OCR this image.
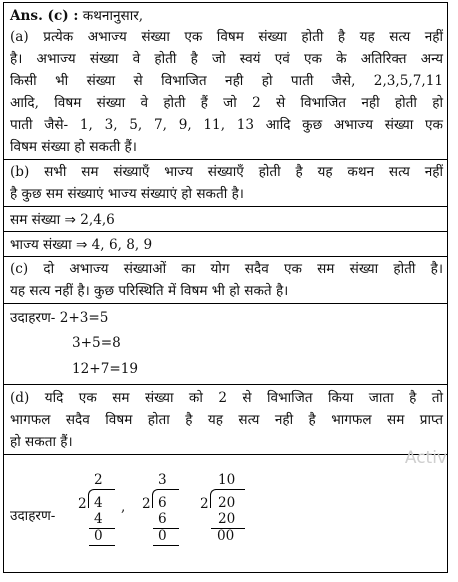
Ans. (c) : कथनानुसार,
(a) प्रत्येक अभाज्य संख्या एक विषम संख्या होती है यह सत्य नहीं
है। अभाज्य संख्या वे होती है जो स्वयं एवं एक के अतिरिक्त अन्य
किसी भी संख्या से विभाजित नही हो पाती जैसे, 2,3,5,7,11
आदि, विषम संख्या वे होती हैं जो 2 से विभाजित नही होती हो
पाती जैसे- 1, 3, 5, 7, 9, 11, 13 आदि कुछ अभाज्य संख्या एक
विषम संख्या हो सकती हैं।
(b) सभी सम संख्याएँ भाज्य संख्याएँ होती है यह कथन सत्य नहीं
है कुछ सम संख्याएं भाज्य संख्याएं हो सकती है।
सम संख्या ⇒ 2,4,6
भाज्य संख्या ⇒ 4, 6, 8, 9
(c) दो अभाज्य संख्याओं का योग सदैव एक सम संख्या होती है।
यह सत्य नहीं है। कुछ परिस्थिति में विषम भी हो सकते है।
उदाहरण- 2+3=5
3+5=8
12+7=19
(d) यदि एक सम संख्या को 2 से विभाजित किया जाता है तो
भागफल सदैव विषम होता है यह सत्य नही है भागफल सम प्राप्त
हो सकता हैं।
उदाहरण-
2
2 4
4
0
,
3
2 6
6
0
10
2 20
20
00
Activ
